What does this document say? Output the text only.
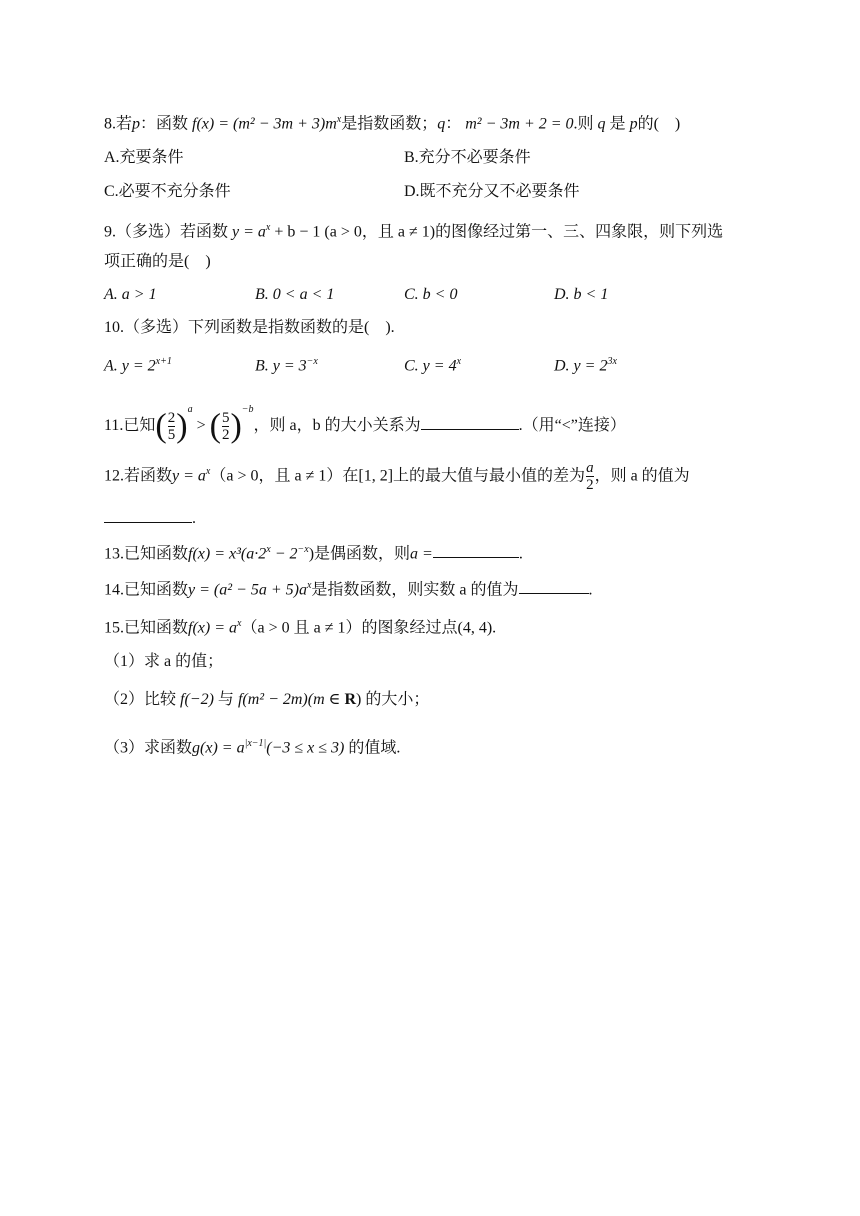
8.若p：函数 $f(x) = (m^2 - 3m + 3)m^x$是指数函数；q： m² − 3m + 2 = 0.则 q 是 p的(　)
A.充要条件	B.充分不必要条件
C.必要不充分条件	D.既不充分又不必要条件
9.（多选）若函数 $y = a^x + b - 1$ (a > 0，且 a ≠ 1)的图像经过第一、三、四象限，则下列选
项正确的是(　)
A. a > 1	B. 0 < a < 1	C. b < 0	D. b < 1
10.（多选）下列函数是指数函数的是(　).
A. $y = 2^{x+1}$	B. $y = 3^{-x}$	C. $y = 4^x$	D. $y = 2^{3x}$
11.已知( $\frac{2}{5} )^a$ > ( $\frac{5}{2} )^{-b}$，则 a，b 的大小关系为	.（用“<”连接）
12.若函数$y = a^x(a > 0$，且 a ≠ 1）在[1, 2]上的最大值与最小值的差为 $\frac{a}{2}$ ，则 a 的值为
.
13.已知函数$f(x) = x^3(a\cdot 2^x - 2^{-x})$是偶函数，则a =	.
14.已知函数$y = (a^2 - 5a + 5)a^x$是指数函数，则实数 a 的值为	.
15.已知函数$f(x) = a^x(a > 0$ 且 a ≠ 1）的图象经过点(4, 4).
（1）求 a 的值；
（2）比较 f(−2) 与 f(m² − 2m)(m ∈ R) 的大小；
（3）求函数$g(x) = a^{|x-1|}(-3 \le x \le 3)$ 的值域.
